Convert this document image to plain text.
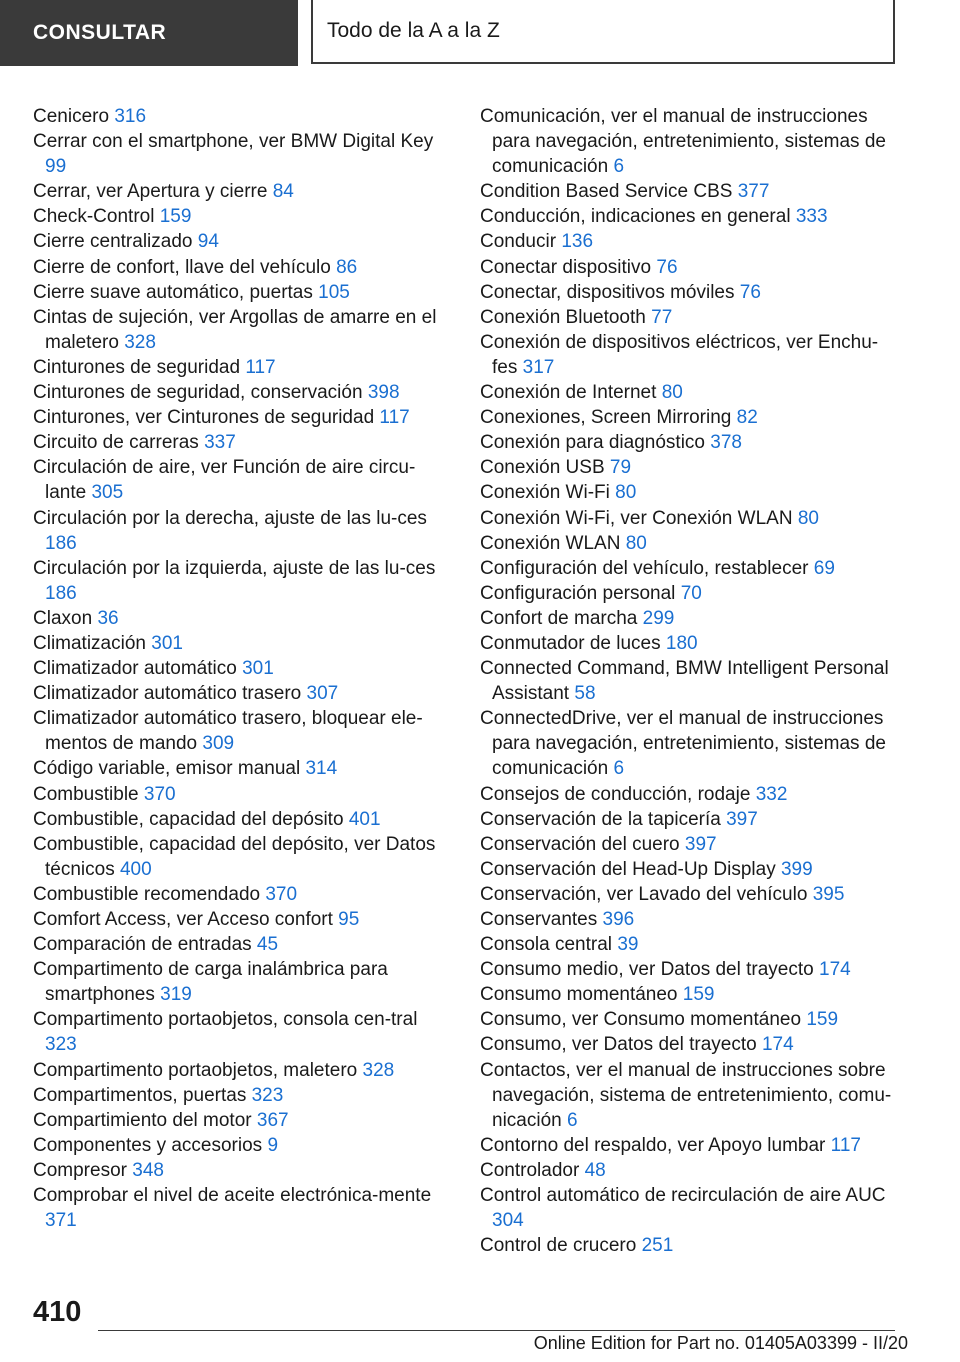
CONSULTAR	Todo de la A a la Z
Cenicero 316
Cerrar con el smartphone, ver BMW Digital Key 99
Cerrar, ver Apertura y cierre 84
Check-Control 159
Cierre centralizado 94
Cierre de confort, llave del vehículo 86
Cierre suave automático, puertas 105
Cintas de sujeción, ver Argollas de amarre en el maletero 328
Cinturones de seguridad 117
Cinturones de seguridad, conservación 398
Cinturones, ver Cinturones de seguridad 117
Circuito de carreras 337
Circulación de aire, ver Función de aire circu-lante 305
Circulación por la derecha, ajuste de las lu-ces 186
Circulación por la izquierda, ajuste de las lu-ces 186
Claxon 36
Climatización 301
Climatizador automático 301
Climatizador automático trasero 307
Climatizador automático trasero, bloquear ele-mentos de mando 309
Código variable, emisor manual 314
Combustible 370
Combustible, capacidad del depósito 401
Combustible, capacidad del depósito, ver Datos técnicos 400
Combustible recomendado 370
Comfort Access, ver Acceso confort 95
Comparación de entradas 45
Compartimento de carga inalámbrica para smartphones 319
Compartimento portaobjetos, consola cen-tral 323
Compartimento portaobjetos, maletero 328
Compartimentos, puertas 323
Compartimiento del motor 367
Componentes y accesorios 9
Compresor 348
Comprobar el nivel de aceite electrónica-mente 371
Comunicación, ver el manual de instrucciones para navegación, entretenimiento, sistemas de comunicación 6
Condition Based Service CBS 377
Conducción, indicaciones en general 333
Conducir 136
Conectar dispositivo 76
Conectar, dispositivos móviles 76
Conexión Bluetooth 77
Conexión de dispositivos eléctricos, ver Enchu-fes 317
Conexión de Internet 80
Conexiones, Screen Mirroring 82
Conexión para diagnóstico 378
Conexión USB 79
Conexión Wi-Fi 80
Conexión Wi-Fi, ver Conexión WLAN 80
Conexión WLAN 80
Configuración del vehículo, restablecer 69
Configuración personal 70
Confort de marcha 299
Conmutador de luces 180
Connected Command, BMW Intelligent Personal Assistant 58
ConnectedDrive, ver el manual de instrucciones para navegación, entretenimiento, sistemas de comunicación 6
Consejos de conducción, rodaje 332
Conservación de la tapicería 397
Conservación del cuero 397
Conservación del Head-Up Display 399
Conservación, ver Lavado del vehículo 395
Conservantes 396
Consola central 39
Consumo medio, ver Datos del trayecto 174
Consumo momentáneo 159
Consumo, ver Consumo momentáneo 159
Consumo, ver Datos del trayecto 174
Contactos, ver el manual de instrucciones sobre navegación, sistema de entretenimiento, comu-nicación 6
Contorno del respaldo, ver Apoyo lumbar 117
Controlador 48
Control automático de recirculación de aire AUC 304
Control de crucero 251
410
Online Edition for Part no. 01405A03399 - II/20
